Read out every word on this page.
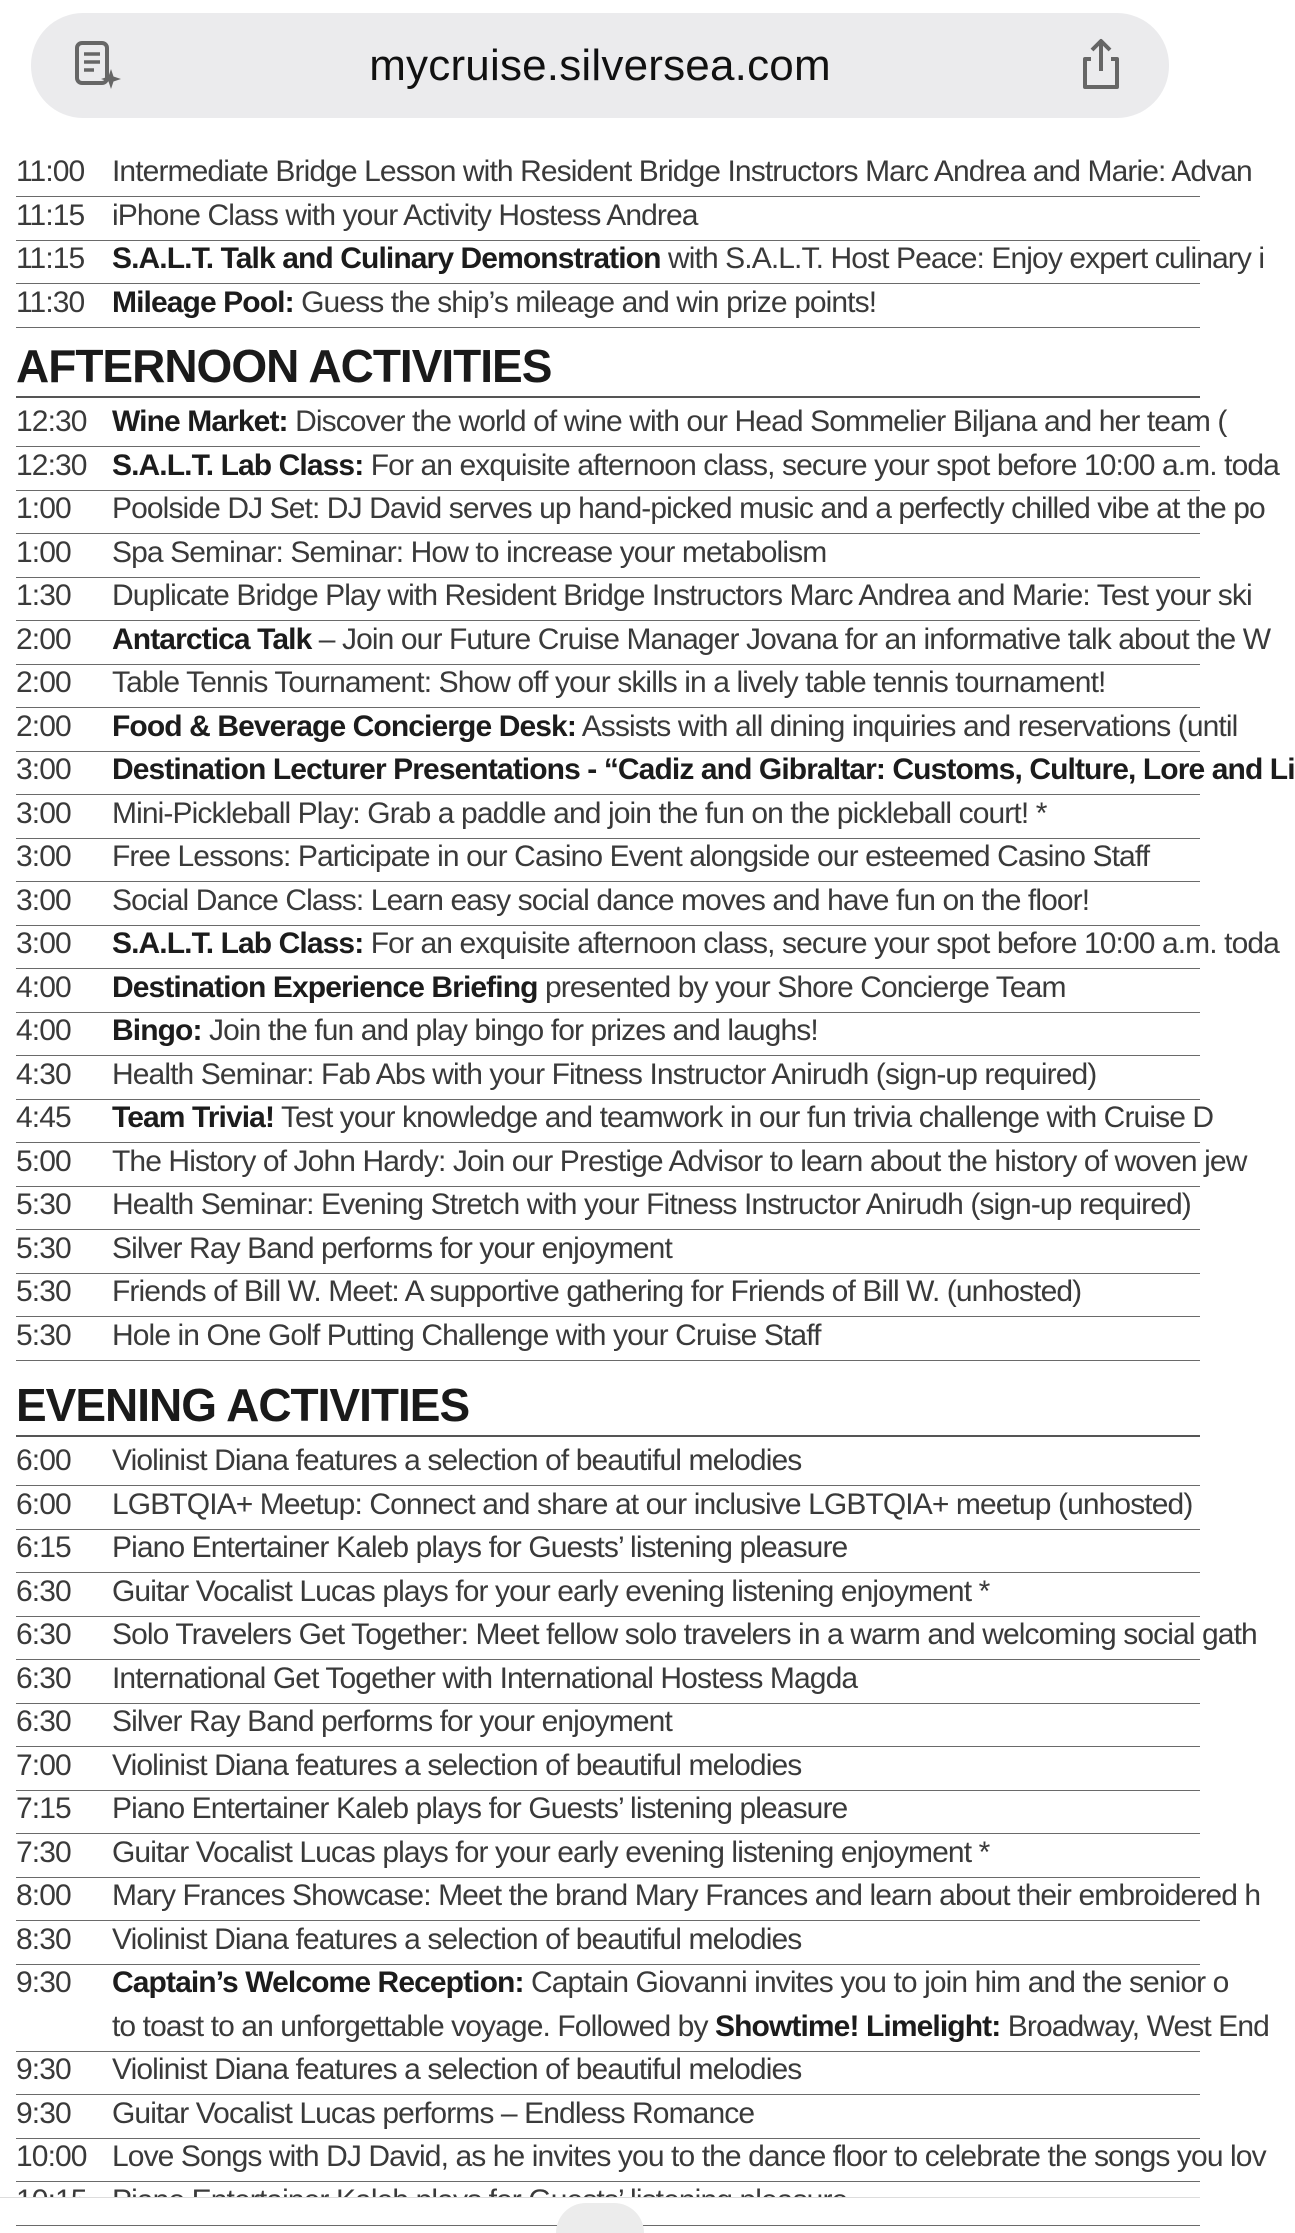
mycruise.silversea.com
11:00 Intermediate Bridge Lesson with Resident Bridge Instructors Marc Andrea and Marie: Advan
11:15 iPhone Class with your Activity Hostess Andrea
11:15 S.A.L.T. Talk and Culinary Demonstration with S.A.L.T. Host Peace: Enjoy expert culinary i
11:30 Mileage Pool: Guess the ship’s mileage and win prize points!
AFTERNOON ACTIVITIES
12:30 Wine Market: Discover the world of wine with our Head Sommelier Biljana and her team (
12:30 S.A.L.T. Lab Class: For an exquisite afternoon class, secure your spot before 10:00 a.m. toda
1:00	Poolside DJ Set: DJ David serves up hand-picked music and a perfectly chilled vibe at the po
1:00	Spa Seminar: Seminar: How to increase your metabolism
1:30	Duplicate Bridge Play with Resident Bridge Instructors Marc Andrea and Marie: Test your ski
2:00	Antarctica Talk – Join our Future Cruise Manager Jovana for an informative talk about the W
2:00	Table Tennis Tournament: Show off your skills in a lively table tennis tournament!
2:00	Food & Beverage Concierge Desk: Assists with all dining inquiries and reservations (until
3:00	Destination Lecturer Presentations - “Cadiz and Gibraltar: Customs, Culture, Lore and Li
3:00	Mini-Pickleball Play: Grab a paddle and join the fun on the pickleball court! *
3:00	Free Lessons: Participate in our Casino Event alongside our esteemed Casino Staff
3:00	Social Dance Class: Learn easy social dance moves and have fun on the floor!
3:00	S.A.L.T. Lab Class: For an exquisite afternoon class, secure your spot before 10:00 a.m. toda
4:00	Destination Experience Briefing presented by your Shore Concierge Team
4:00	Bingo: Join the fun and play bingo for prizes and laughs!
4:30	Health Seminar: Fab Abs with your Fitness Instructor Anirudh (sign-up required)
4:45	Team Trivia! Test your knowledge and teamwork in our fun trivia challenge with Cruise D
5:00	The History of John Hardy: Join our Prestige Advisor to learn about the history of woven jew
5:30	Health Seminar: Evening Stretch with your Fitness Instructor Anirudh (sign-up required)
5:30	Silver Ray Band performs for your enjoyment
5:30	Friends of Bill W. Meet: A supportive gathering for Friends of Bill W. (unhosted)
5:30	Hole in One Golf Putting Challenge with your Cruise Staff
EVENING ACTIVITIES
6:00	Violinist Diana features a selection of beautiful melodies
6:00	LGBTQIA+ Meetup: Connect and share at our inclusive LGBTQIA+ meetup (unhosted)
6:15	Piano Entertainer Kaleb plays for Guests’ listening pleasure
6:30	Guitar Vocalist Lucas plays for your early evening listening enjoyment *
6:30	Solo Travelers Get Together: Meet fellow solo travelers in a warm and welcoming social gath
6:30	International Get Together with International Hostess Magda
6:30	Silver Ray Band performs for your enjoyment
7:00	Violinist Diana features a selection of beautiful melodies
7:15	Piano Entertainer Kaleb plays for Guests’ listening pleasure
7:30	Guitar Vocalist Lucas plays for your early evening listening enjoyment *
8:00	Mary Frances Showcase: Meet the brand Mary Frances and learn about their embroidered h
8:30	Violinist Diana features a selection of beautiful melodies
9:30	Captain’s Welcome Reception: Captain Giovanni invites you to join him and the senior o
to toast to an unforgettable voyage. Followed by Showtime! Limelight: Broadway, West End
9:30	Violinist Diana features a selection of beautiful melodies
9:30	Guitar Vocalist Lucas performs – Endless Romance
10:00 Love Songs with DJ David, as he invites you to the dance floor to celebrate the songs you lov
